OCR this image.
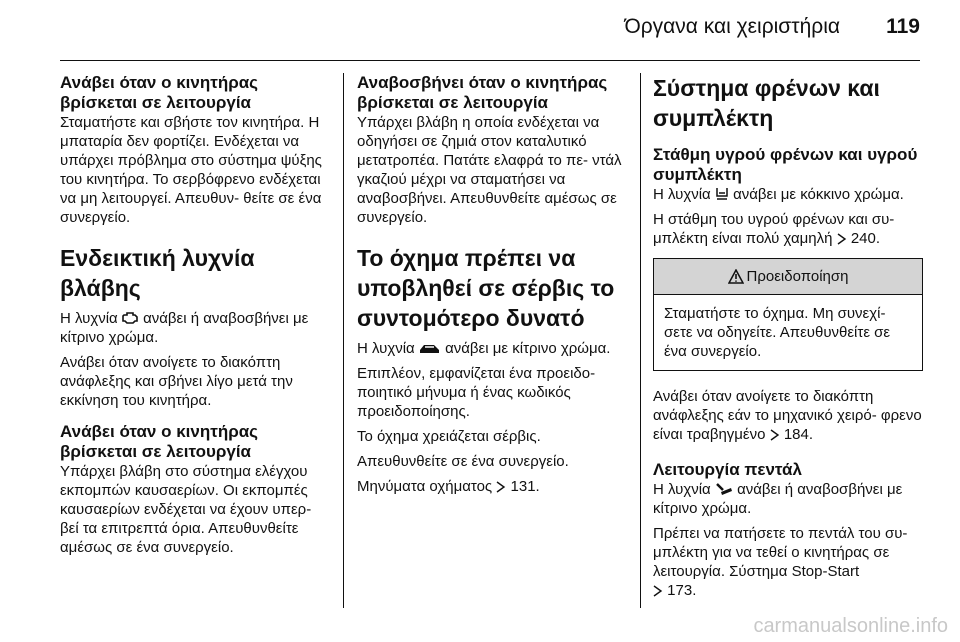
Όργανα και χειριστήρια 119
Ανάβει όταν ο κινητήρας βρίσκεται σε λειτουργία

Σταματήστε και σβήστε τον κινητήρα. Η μπαταρία δεν φορτίζει. Ενδέχεται να υπάρχει πρόβλημα στο σύστημα ψύξης του κινητήρα. Το σερβόφρενο ενδέχεται να μη λειτουργεί. Απευθυν- θείτε σε ένα συνεργείο.

Ενδεικτική λυχνία βλάβης

Η λυχνία ανάβει ή αναβοσβήνει με κίτρινο χρώμα.

Ανάβει όταν ανοίγετε το διακόπτη ανάφλεξης και σβήνει λίγο μετά την εκκίνηση του κινητήρα.

Ανάβει όταν ο κινητήρας βρίσκεται σε λειτουργία

Υπάρχει βλάβη στο σύστημα ελέγχου εκπομπών καυσαερίων. Οι εκπομπές καυσαερίων ενδέχεται να έχουν υπερ- βεί τα επιτρεπτά όρια. Απευθυνθείτε αμέσως σε ένα συνεργείο.

Αναβοσβήνει όταν ο κινητήρας βρίσκεται σε λειτουργία

Υπάρχει βλάβη η οποία ενδέχεται να οδηγήσει σε ζημιά στον καταλυτικό μετατροπέα. Πατάτε ελαφρά το πε- ντάλ γκαζιού μέχρι να σταματήσει να αναβοσβήνει. Απευθυνθείτε αμέσως σε συνεργείο.

Το όχημα πρέπει να υποβληθεί σε σέρβις το συντομότερο δυνατό

Η λυχνία ανάβει με κίτρινο χρώμα.

Επιπλέον, εμφανίζεται ένα προειδο- ποιητικό μήνυμα ή ένας κωδικός προειδοποίησης.

Το όχημα χρειάζεται σέρβις.

Απευθυνθείτε σε ένα συνεργείο.

Μηνύματα οχήματος 131.

Σύστημα φρένων και συμπλέκτη
Στάθμη υγρού φρένων και υγρού συμπλέκτη

Η λυχνία ανάβει με κόκκινο χρώμα.

Η στάθμη του υγρού φρένων και συ- μπλέκτη είναι πολύ χαμηλή 240.

Προειδοποίηση
Σταματήστε το όχημα. Μη συνεχί- σετε να οδηγείτε. Απευθυνθείτε σε ένα συνεργείο.

Ανάβει όταν ανοίγετε το διακόπτη ανάφλεξης εάν το μηχανικό χειρό- φρενο είναι τραβηγμένο 184.

Λειτουργία πεντάλ

Η λυχνία ανάβει ή αναβοσβήνει με κίτρινο χρώμα.

Πρέπει να πατήσετε το πεντάλ του συ- μπλέκτη για να τεθεί ο κινητήρας σε λειτουργία. Σύστημα Stop-Start
173.

carmanualsonline.info
